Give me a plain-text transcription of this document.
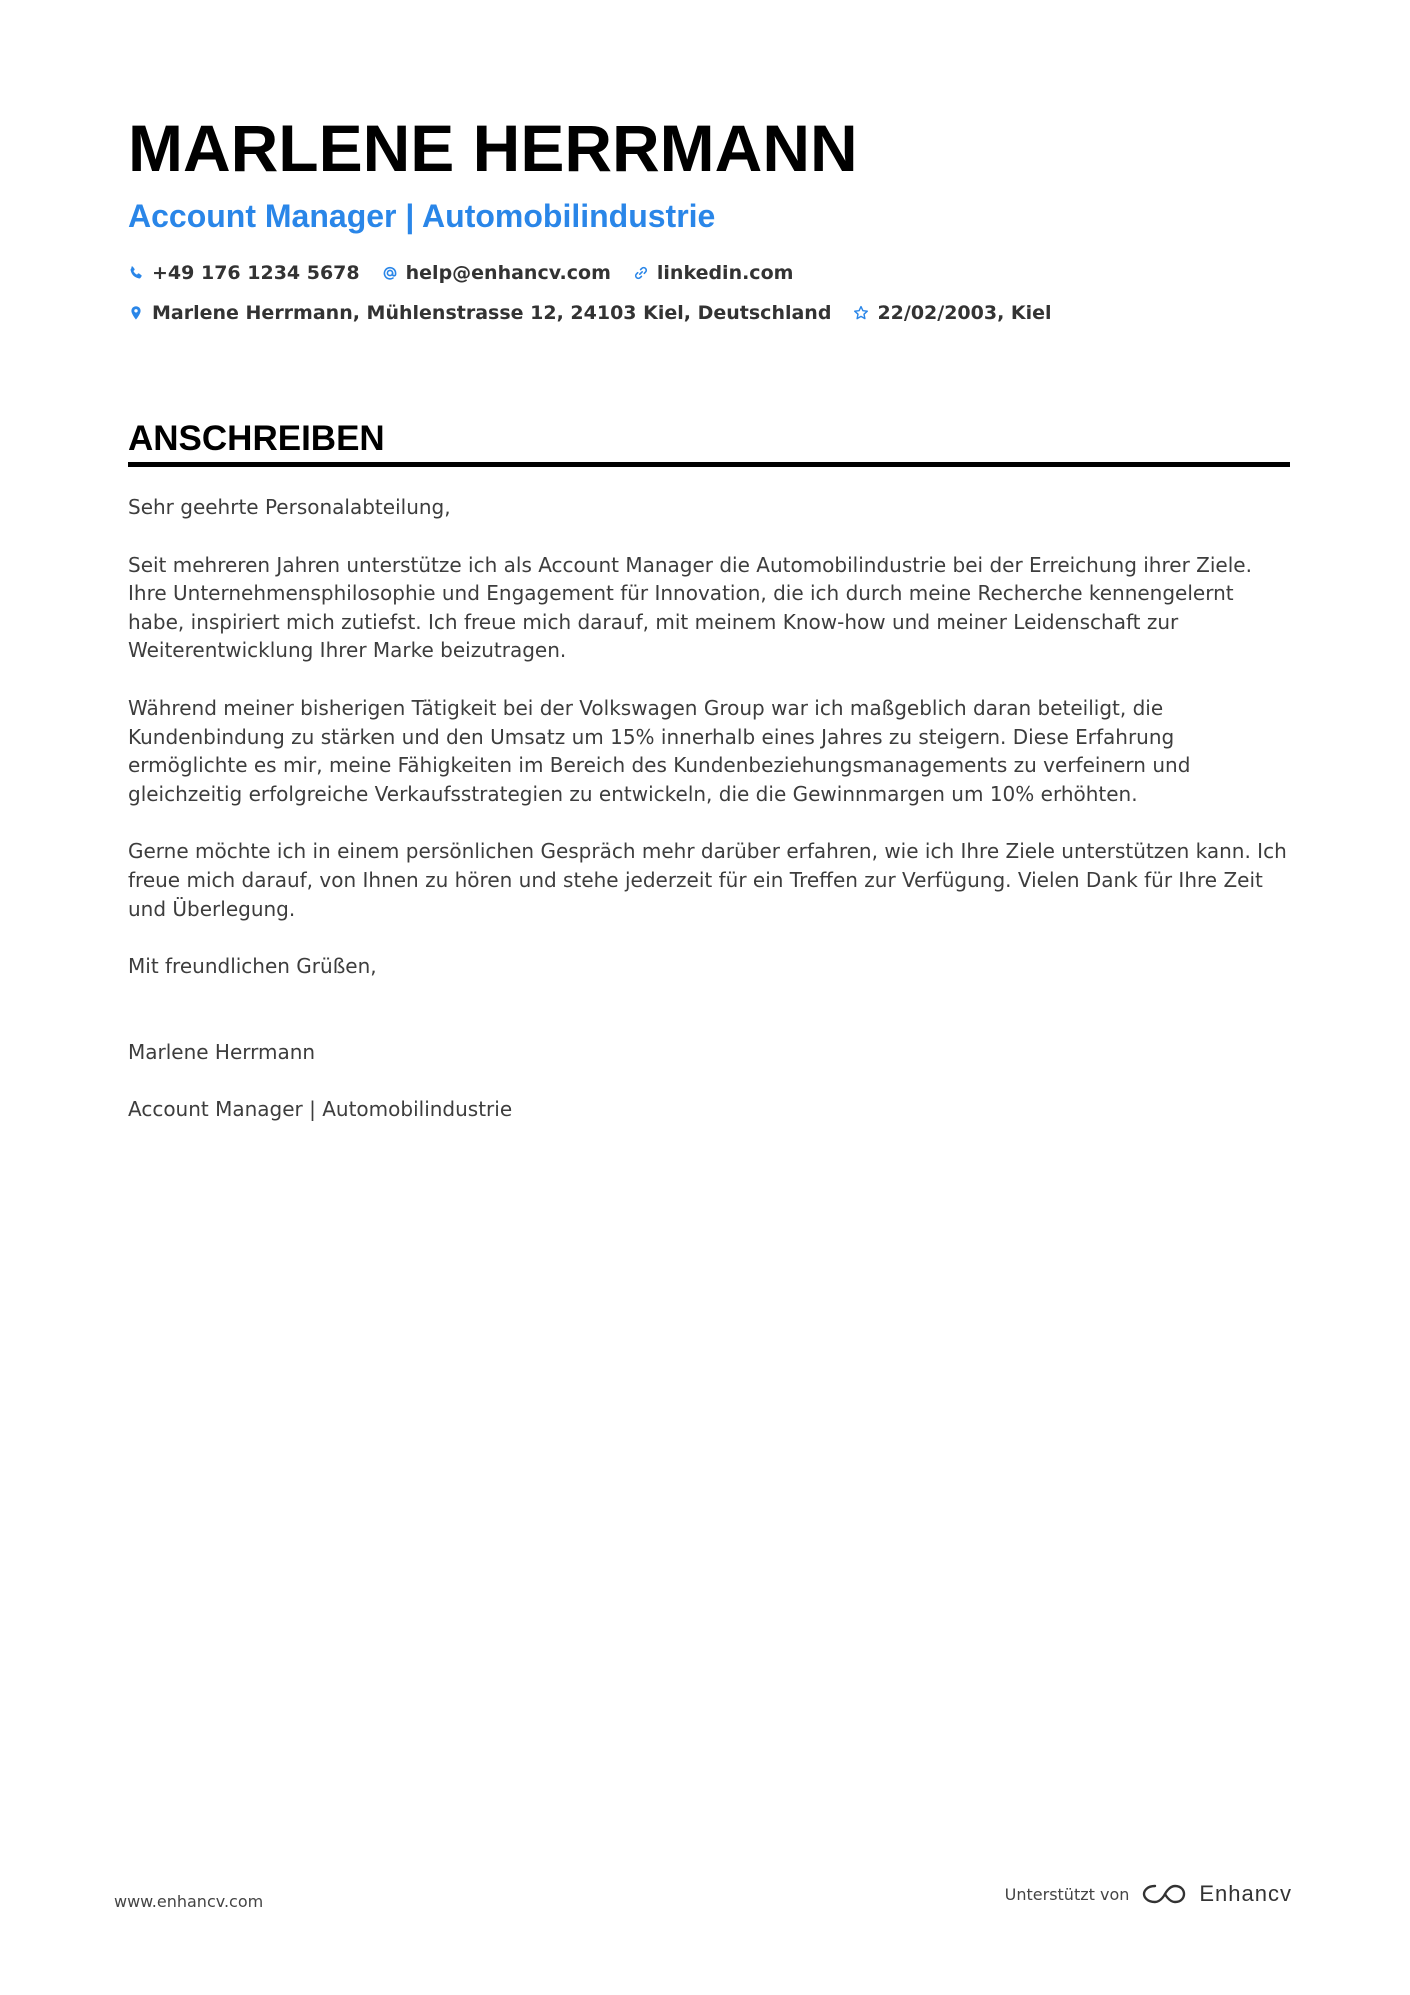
MARLENE HERRMANN
Account Manager | Automobilindustrie
+49 176 1234 5678 help@enhancv.com linkedin.com
Marlene Herrmann, Mühlenstrasse 12, 24103 Kiel, Deutschland 22/02/2003, Kiel
ANSCHREIBEN

Sehr geehrte Personalabteilung,

Seit mehreren Jahren unterstütze ich als Account Manager die Automobilindustrie bei der Erreichung ihrer Ziele. Ihre Unternehmensphilosophie und Engagement für Innovation, die ich durch meine Recherche kennengelernt habe, inspiriert mich zutiefst. Ich freue mich darauf, mit meinem Know-how und meiner Leidenschaft zur Weiterentwicklung Ihrer Marke beizutragen.

Während meiner bisherigen Tätigkeit bei der Volkswagen Group war ich maßgeblich daran beteiligt, die Kundenbindung zu stärken und den Umsatz um 15% innerhalb eines Jahres zu steigern. Diese Erfahrung ermöglichte es mir, meine Fähigkeiten im Bereich des Kundenbeziehungsmanagements zu verfeinern und gleichzeitig erfolgreiche Verkaufsstrategien zu entwickeln, die die Gewinnmargen um 10% erhöhten.

Gerne möchte ich in einem persönlichen Gespräch mehr darüber erfahren, wie ich Ihre Ziele unterstützen kann. Ich freue mich darauf, von Ihnen zu hören und stehe jederzeit für ein Treffen zur Verfügung. Vielen Dank für Ihre Zeit und Überlegung.

Mit freundlichen Grüßen,

Marlene Herrmann

Account Manager | Automobilindustrie

www.enhancv.com	Unterstützt von	Enhancv
